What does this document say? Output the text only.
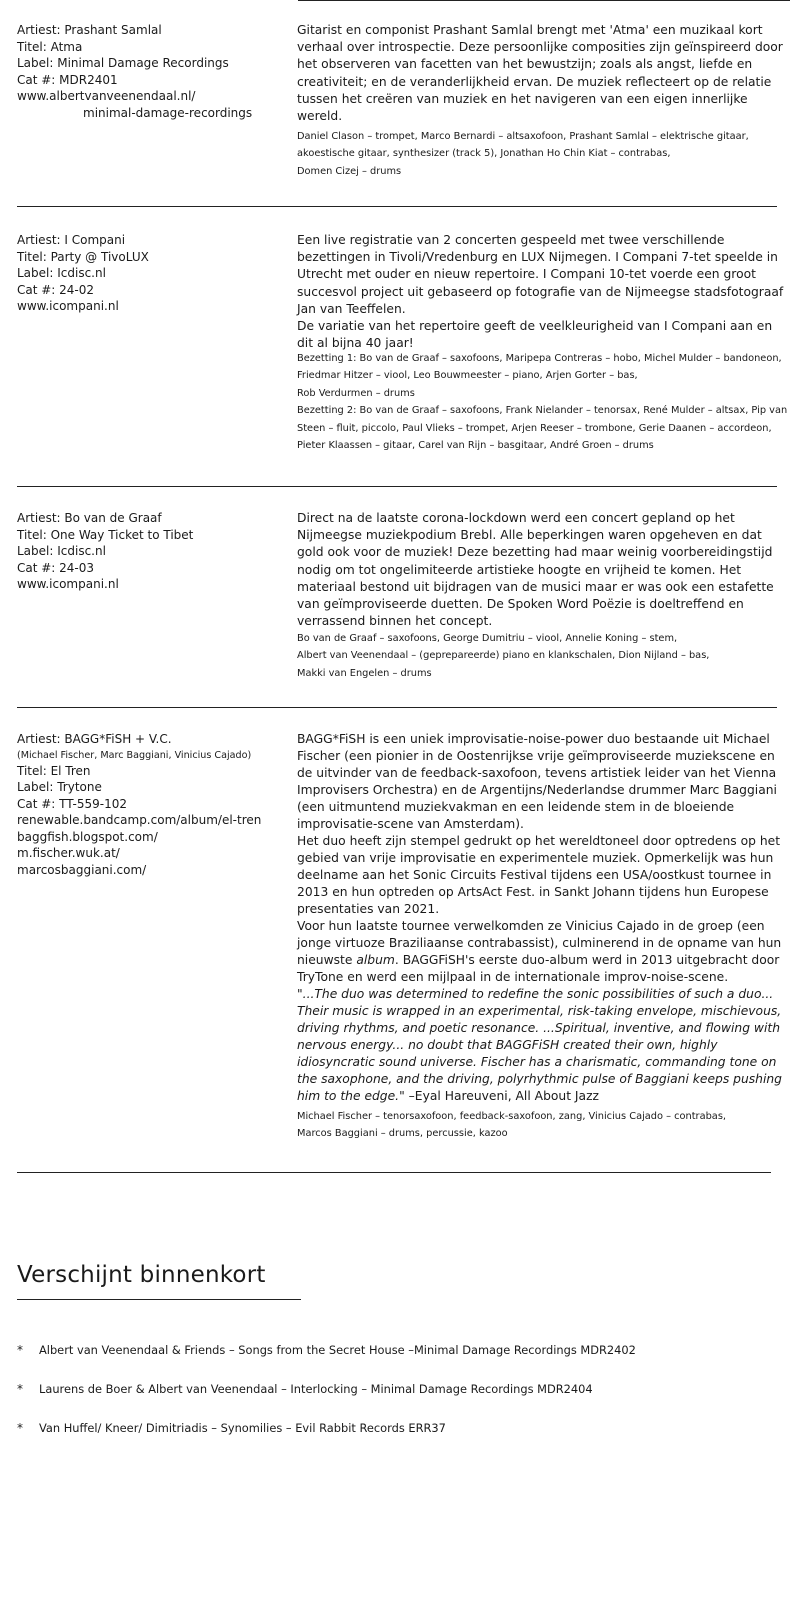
Artiest: Prashant Samlal
Titel: Atma
Label: Minimal Damage Recordings
Cat #: MDR2401
www.albertvanveenendaal.nl/
minimal-damage-recordings

Gitarist en componist Prashant Samlal brengt met 'Atma' een muzikaal kort verhaal over introspectie. Deze persoonlijke composities zijn geïnspireerd door het observeren van facetten van het bewustzijn; zoals als angst, liefde en creativiteit; en de veranderlijkheid ervan. De muziek reflecteert op de relatie tussen het creëren van muziek en het navigeren van een eigen innerlijke wereld.

Daniel Clason – trompet, Marco Bernardi – altsaxofoon, Prashant Samlal – elektrische gitaar, akoestische gitaar, synthesizer (track 5), Jonathan Ho Chin Kiat – contrabas,

Domen Cizej – drums

Artiest: I Compani
Titel: Party @ TivoLUX
Label: Icdisc.nl
Cat #: 24-02
www.icompani.nl

Een live registratie van 2 concerten gespeeld met twee verschillende bezettingen in Tivoli/Vredenburg en LUX Nijmegen. I Compani 7-tet speelde in Utrecht met ouder en nieuw repertoire. I Compani 10-tet voerde een groot succesvol project uit gebaseerd op fotografie van de Nijmeegse stadsfotograaf Jan van Teeffelen.

De variatie van het repertoire geeft de veelkleurigheid van I Compani aan en dit al bijna 40 jaar!

Bezetting 1: Bo van de Graaf – saxofoons, Maripepa Contreras – hobo, Michel Mulder – bandoneon, Friedmar Hitzer – viool, Leo Bouwmeester – piano, Arjen Gorter – bas,

Rob Verdurmen – drums

Bezetting 2: Bo van de Graaf – saxofoons, Frank Nielander – tenorsax, René Mulder – altsax, Pip van Steen – fluit, piccolo, Paul Vlieks – trompet, Arjen Reeser – trombone, Gerie Daanen – accordeon, Pieter Klaassen – gitaar, Carel van Rijn – basgitaar, André Groen – drums

Artiest: Bo van de Graaf
Titel: One Way Ticket to Tibet
Label: Icdisc.nl
Cat #: 24-03
www.icompani.nl

Direct na de laatste corona-lockdown werd een concert gepland op het Nijmeegse muziekpodium Brebl. Alle beperkingen waren opgeheven en dat gold ook voor de muziek! Deze bezetting had maar weinig voorbereidingstijd nodig om tot ongelimiteerde artistieke hoogte en vrijheid te komen. Het materiaal bestond uit bijdragen van de musici maar er was ook een estafette van geïmproviseerde duetten. De Spoken Word Poëzie is doeltreffend en verrassend binnen het concept.

Bo van de Graaf – saxofoons, George Dumitriu – viool, Annelie Koning – stem,

Albert van Veenendaal – (geprepareerde) piano en klankschalen, Dion Nijland – bas,

Makki van Engelen – drums

Artiest: BAGG*FiSH + V.C.
(Michael Fischer, Marc Baggiani, Vinicius Cajado)
Titel: El Tren
Label: Trytone
Cat #: TT-559-102
renewable.bandcamp.com/album/el-tren
baggfish.blogspot.com/
m.fischer.wuk.at/
marcosbaggiani.com/

BAGG*FiSH is een uniek improvisatie-noise-power duo bestaande uit Michael Fischer (een pionier in de Oostenrijkse vrije geïmproviseerde muziekscene en de uitvinder van de feedback-saxofoon, tevens artistiek leider van het Vienna Improvisers Orchestra) en de Argentijns/Nederlandse drummer Marc Baggiani (een uitmuntend muziekvakman en een leidende stem in de bloeiende improvisatie-scene van Amsterdam).

Het duo heeft zijn stempel gedrukt op het wereldtoneel door optredens op het gebied van vrije improvisatie en experimentele muziek. Opmerkelijk was hun deelname aan het Sonic Circuits Festival tijdens een USA/oostkust tournee in 2013 en hun optreden op ArtsAct Fest. in Sankt Johann tijdens hun Europese presentaties van 2021.

Voor hun laatste tournee verwelkomden ze Vinicius Cajado in de groep (een jonge virtuoze Braziliaanse contrabassist), culminerend in de opname van hun nieuwste album. BAGGFiSH's eerste duo-album werd in 2013 uitgebracht door TryTone en werd een mijlpaal in de internationale improv-noise-scene.

"...The duo was determined to redefine the sonic possibilities of such a duo... Their music is wrapped in an experimental, risk-taking envelope, mischievous, driving rhythms, and poetic resonance. ...Spiritual, inventive, and flowing with nervous energy... no doubt that BAGGFiSH created their own, highly idiosyncratic sound universe. Fischer has a charismatic, commanding tone on the saxophone, and the driving, polyrhythmic pulse of Baggiani keeps pushing him to the edge." –Eyal Hareuveni, All About Jazz

Michael Fischer – tenorsaxofoon, feedback-saxofoon, zang, Vinicius Cajado – contrabas,

Marcos Baggiani – drums, percussie, kazoo

Verschijnt binnenkort
* Albert van Veenendaal & Friends – Songs from the Secret House –Minimal Damage Recordings MDR2402
* Laurens de Boer & Albert van Veenendaal – Interlocking – Minimal Damage Recordings MDR2404
* Van Huffel/ Kneer/ Dimitriadis – Synomilies – Evil Rabbit Records ERR37
